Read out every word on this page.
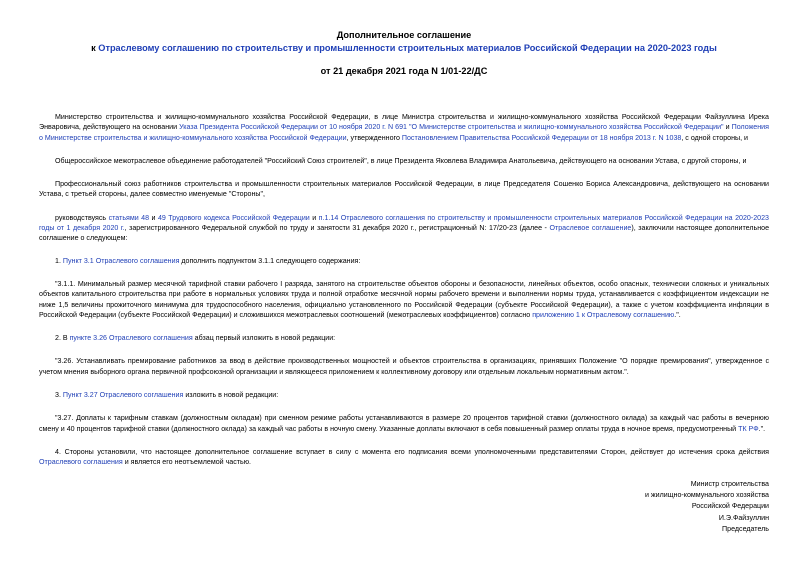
Дополнительное соглашение
к Отраслевому соглашению по строительству и промышленности строительных материалов Российской Федерации на 2020-2023 годы
от 21 декабря 2021 года N 1/01-22/ДС

Министерство строительства и жилищно-коммунального хозяйства Российской Федерации, в лице Министра строительства и жилищно-коммунального хозяйства Российской Федерации Файзуллина Ирека Энваровича, действующего на основании Указа Президента Российской Федерации от 10 ноября 2020 г. N 691 "О Министерстве строительства и жилищно-коммунального хозяйства Российской Федерации" и Положения о Министерстве строительства и жилищно-коммунального хозяйства Российской Федерации, утвержденного Постановлением Правительства Российской Федерации от 18 ноября 2013 г. N 1038, с одной стороны, и

Общероссийское межотраслевое объединение работодателей "Российский Союз строителей", в лице Президента Яковлева Владимира Анатольевича, действующего на основании Устава, с другой стороны, и

Профессиональный союз работников строительства и промышленности строительных материалов Российской Федерации, в лице Председателя Сошенко Бориса Александровича, действующего на основании Устава, с третьей стороны, далее совместно именуемые "Стороны",

руководствуясь статьями 48 и 49 Трудового кодекса Российской Федерации и п.1.14 Отраслевого соглашения по строительству и промышленности строительных материалов Российской Федерации на 2020-2023 годы от 1 декабря 2020 г., зарегистрированного Федеральной службой по труду и занятости 31 декабря 2020 г., регистрационный N: 17/20-23 (далее - Отраслевое соглашение), заключили настоящее дополнительное соглашение о следующем:

1. Пункт 3.1 Отраслевого соглашения дополнить подпунктом 3.1.1 следующего содержания:

"3.1.1. Минимальный размер месячной тарифной ставки рабочего I разряда, занятого на строительстве объектов обороны и безопасности, линейных объектов, особо опасных, технически сложных и уникальных объектов капитального строительства при работе в нормальных условиях труда и полной отработке месячной нормы рабочего времени и выполнении нормы труда, устанавливается с коэффициентом индексации не ниже 1,5 величины прожиточного минимума для трудоспособного населения, официально установленного по Российской Федерации (субъекте Российской Федерации), а также с учетом коэффициента инфляции в Российской Федерации (субъекте Российской Федерации) и сложившихся межотраслевых соотношений (межотраслевых коэффициентов) согласно приложению 1 к Отраслевому соглашению.".

2. В пункте 3.26 Отраслевого соглашения абзац первый изложить в новой редакции:

"3.26. Устанавливать премирование работников за ввод в действие производственных мощностей и объектов строительства в организациях, принявших Положение "О порядке премирования", утвержденное с учетом мнения выборного органа первичной профсоюзной организации и являющееся приложением к коллективному договору или отдельным локальным нормативным актом.".

3. Пункт 3.27 Отраслевого соглашения изложить в новой редакции:

"3.27. Доплаты к тарифным ставкам (должностным окладам) при сменном режиме работы устанавливаются в размере 20 процентов тарифной ставки (должностного оклада) за каждый час работы в вечернюю смену и 40 процентов тарифной ставки (должностного оклада) за каждый час работы в ночную смену. Указанные доплаты включают в себя повышенный размер оплаты труда в ночное время, предусмотренный ТК РФ.".

4. Стороны установили, что настоящее дополнительное соглашение вступает в силу с момента его подписания всеми уполномоченными представителями Сторон, действует до истечения срока действия Отраслевого соглашения и является его неотъемлемой частью.

Министр строительства
и жилищно-коммунального хозяйства
Российской Федерации
И.Э.Файзуллин
Председатель
